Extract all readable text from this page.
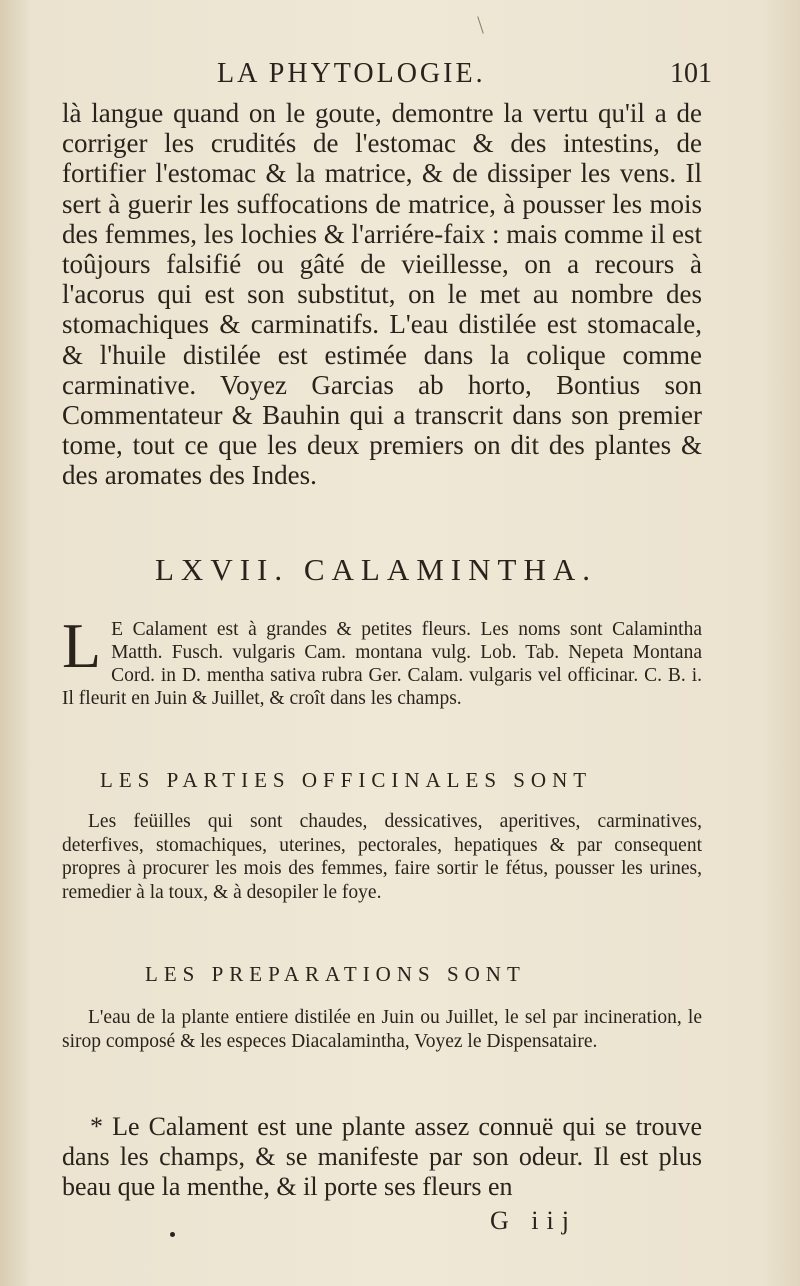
LA PHYTOLOGIE.	101

là langue quand on le goute, demontre la vertu qu'il a de corriger les crudités de l'estomac & des intestins, de fortifier l'estomac & la matrice, & de dissiper les vens. Il sert à guerir les suffocations de matrice, à pousser les mois des femmes, les lochies & l'arriére-faix : mais comme il est toûjours falsifié ou gâté de vieillesse, on a recours à l'acorus qui est son substitut, on le met au nombre des stomachiques & carminatifs. L'eau distilée est stomacale, & l'huile distilée est estimée dans la colique comme carminative. Voyez Garcias ab horto, Bontius son Commentateur & Bauhin qui a transcrit dans son premier tome, tout ce que les deux premiers on dit des plantes & des aromates des Indes.

LXVII. CALAMINTHA.
L E Calament est à grandes & petites fleurs. Les noms sont Calamintha Matth. Fusch. vulgaris Cam. montana vulg. Lob. Tab. Nepeta Montana Cord. in D. mentha sativa rubra Ger. Calam. vulgaris vel officinar. C. B. i. Il fleurit en Juin & Juillet, & croît dans les champs.

LES PARTIES OFFICINALES SONT

Les feüilles qui sont chaudes, dessicatives, aperitives, carminatives, deterfives, stomachiques, uterines, pectorales, hepatiques & par consequent propres à procurer les mois des femmes, faire sortir le fétus, pousser les urines, remedier à la toux, & à desopiler le foye.

LES PREPARATIONS SONT

L'eau de la plante entiere distilée en Juin ou Juillet, le sel par incineration, le sirop composé & les especes Diacalamintha, Voyez le Dispensataire.

* Le Calament est une plante assez connuë qui se trouve dans les champs, & se manifeste par son odeur. Il est plus beau que la menthe, & il porte ses fleurs en

G iij
